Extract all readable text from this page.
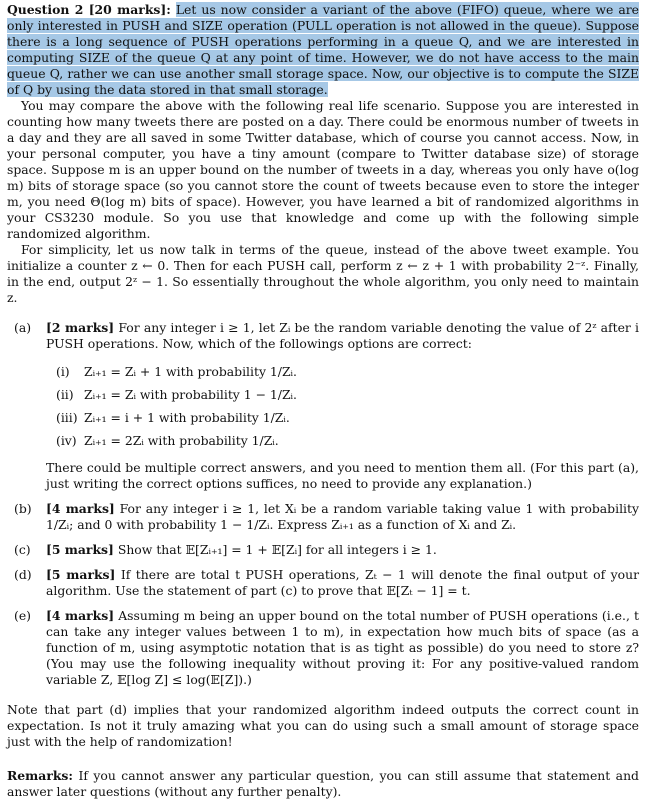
Question 2 [20 marks]: Let us now consider a variant of the above (FIFO) queue, where we are only interested in PUSH and SIZE operation (PULL operation is not allowed in the queue). Suppose there is a long sequence of PUSH operations performing in a queue Q, and we are interested in computing SIZE of the queue Q at any point of time. However, we do not have access to the main queue Q, rather we can use another small storage space. Now, our objective is to compute the SIZE of Q by using the data stored in that small storage.

You may compare the above with the following real life scenario. Suppose you are interested in counting how many tweets there are posted on a day. There could be enormous number of tweets in a day and they are all saved in some Twitter database, which of course you cannot access. Now, in your personal computer, you have a tiny amount (compare to Twitter database size) of storage space. Suppose m is an upper bound on the number of tweets in a day, whereas you only have o(log m) bits of storage space (so you cannot store the count of tweets because even to store the integer m, you need Θ(log m) bits of space). However, you have learned a bit of randomized algorithms in your CS3230 module. So you use that knowledge and come up with the following simple randomized algorithm.

For simplicity, let us now talk in terms of the queue, instead of the above tweet example. You initialize a counter z ← 0. Then for each PUSH call, perform z ← z + 1 with probability 2⁻ᶻ. Finally, in the end, output 2ᶻ − 1. So essentially throughout the whole algorithm, you only need to maintain z.

(a)	[2 marks] For any integer i ≥ 1, let Zᵢ be the random variable denoting the value of 2ᶻ after i PUSH operations. Now, which of the followings options are correct:

(i)	Zᵢ₊₁ = Zᵢ + 1 with probability 1/Zᵢ.
(ii) Zᵢ₊₁ = Zᵢ with probability 1 − 1/Zᵢ.
(iii) Zᵢ₊₁ = i + 1 with probability 1/Zᵢ.
(iv) Zᵢ₊₁ = 2Zᵢ with probability 1/Zᵢ.

There could be multiple correct answers, and you need to mention them all. (For this part (a), just writing the correct options suffices, no need to provide any explanation.)

(b)	[4 marks] For any integer i ≥ 1, let Xᵢ be a random variable taking value 1 with probability 1/Zᵢ; and 0 with probability 1 − 1/Zᵢ. Express Zᵢ₊₁ as a function of Xᵢ and Zᵢ.

(c)	[5 marks] Show that 𝔼[Zᵢ₊₁] = 1 + 𝔼[Zᵢ] for all integers i ≥ 1.

(d)	[5 marks] If there are total t PUSH operations, Zₜ − 1 will denote the final output of your algorithm. Use the statement of part (c) to prove that 𝔼[Zₜ − 1] = t.

(e)	[4 marks] Assuming m being an upper bound on the total number of PUSH operations (i.e., t can take any integer values between 1 to m), in expectation how much bits of space (as a function of m, using asymptotic notation that is as tight as possible) do you need to store z? (You may use the following inequality without proving it: For any positive-valued random variable Z, 𝔼[log Z] ≤ log(𝔼[Z]).)

Note that part (d) implies that your randomized algorithm indeed outputs the correct count in expectation. Is not it truly amazing what you can do using such a small amount of storage space just with the help of randomization!

Remarks: If you cannot answer any particular question, you can still assume that statement and answer later questions (without any further penalty).
